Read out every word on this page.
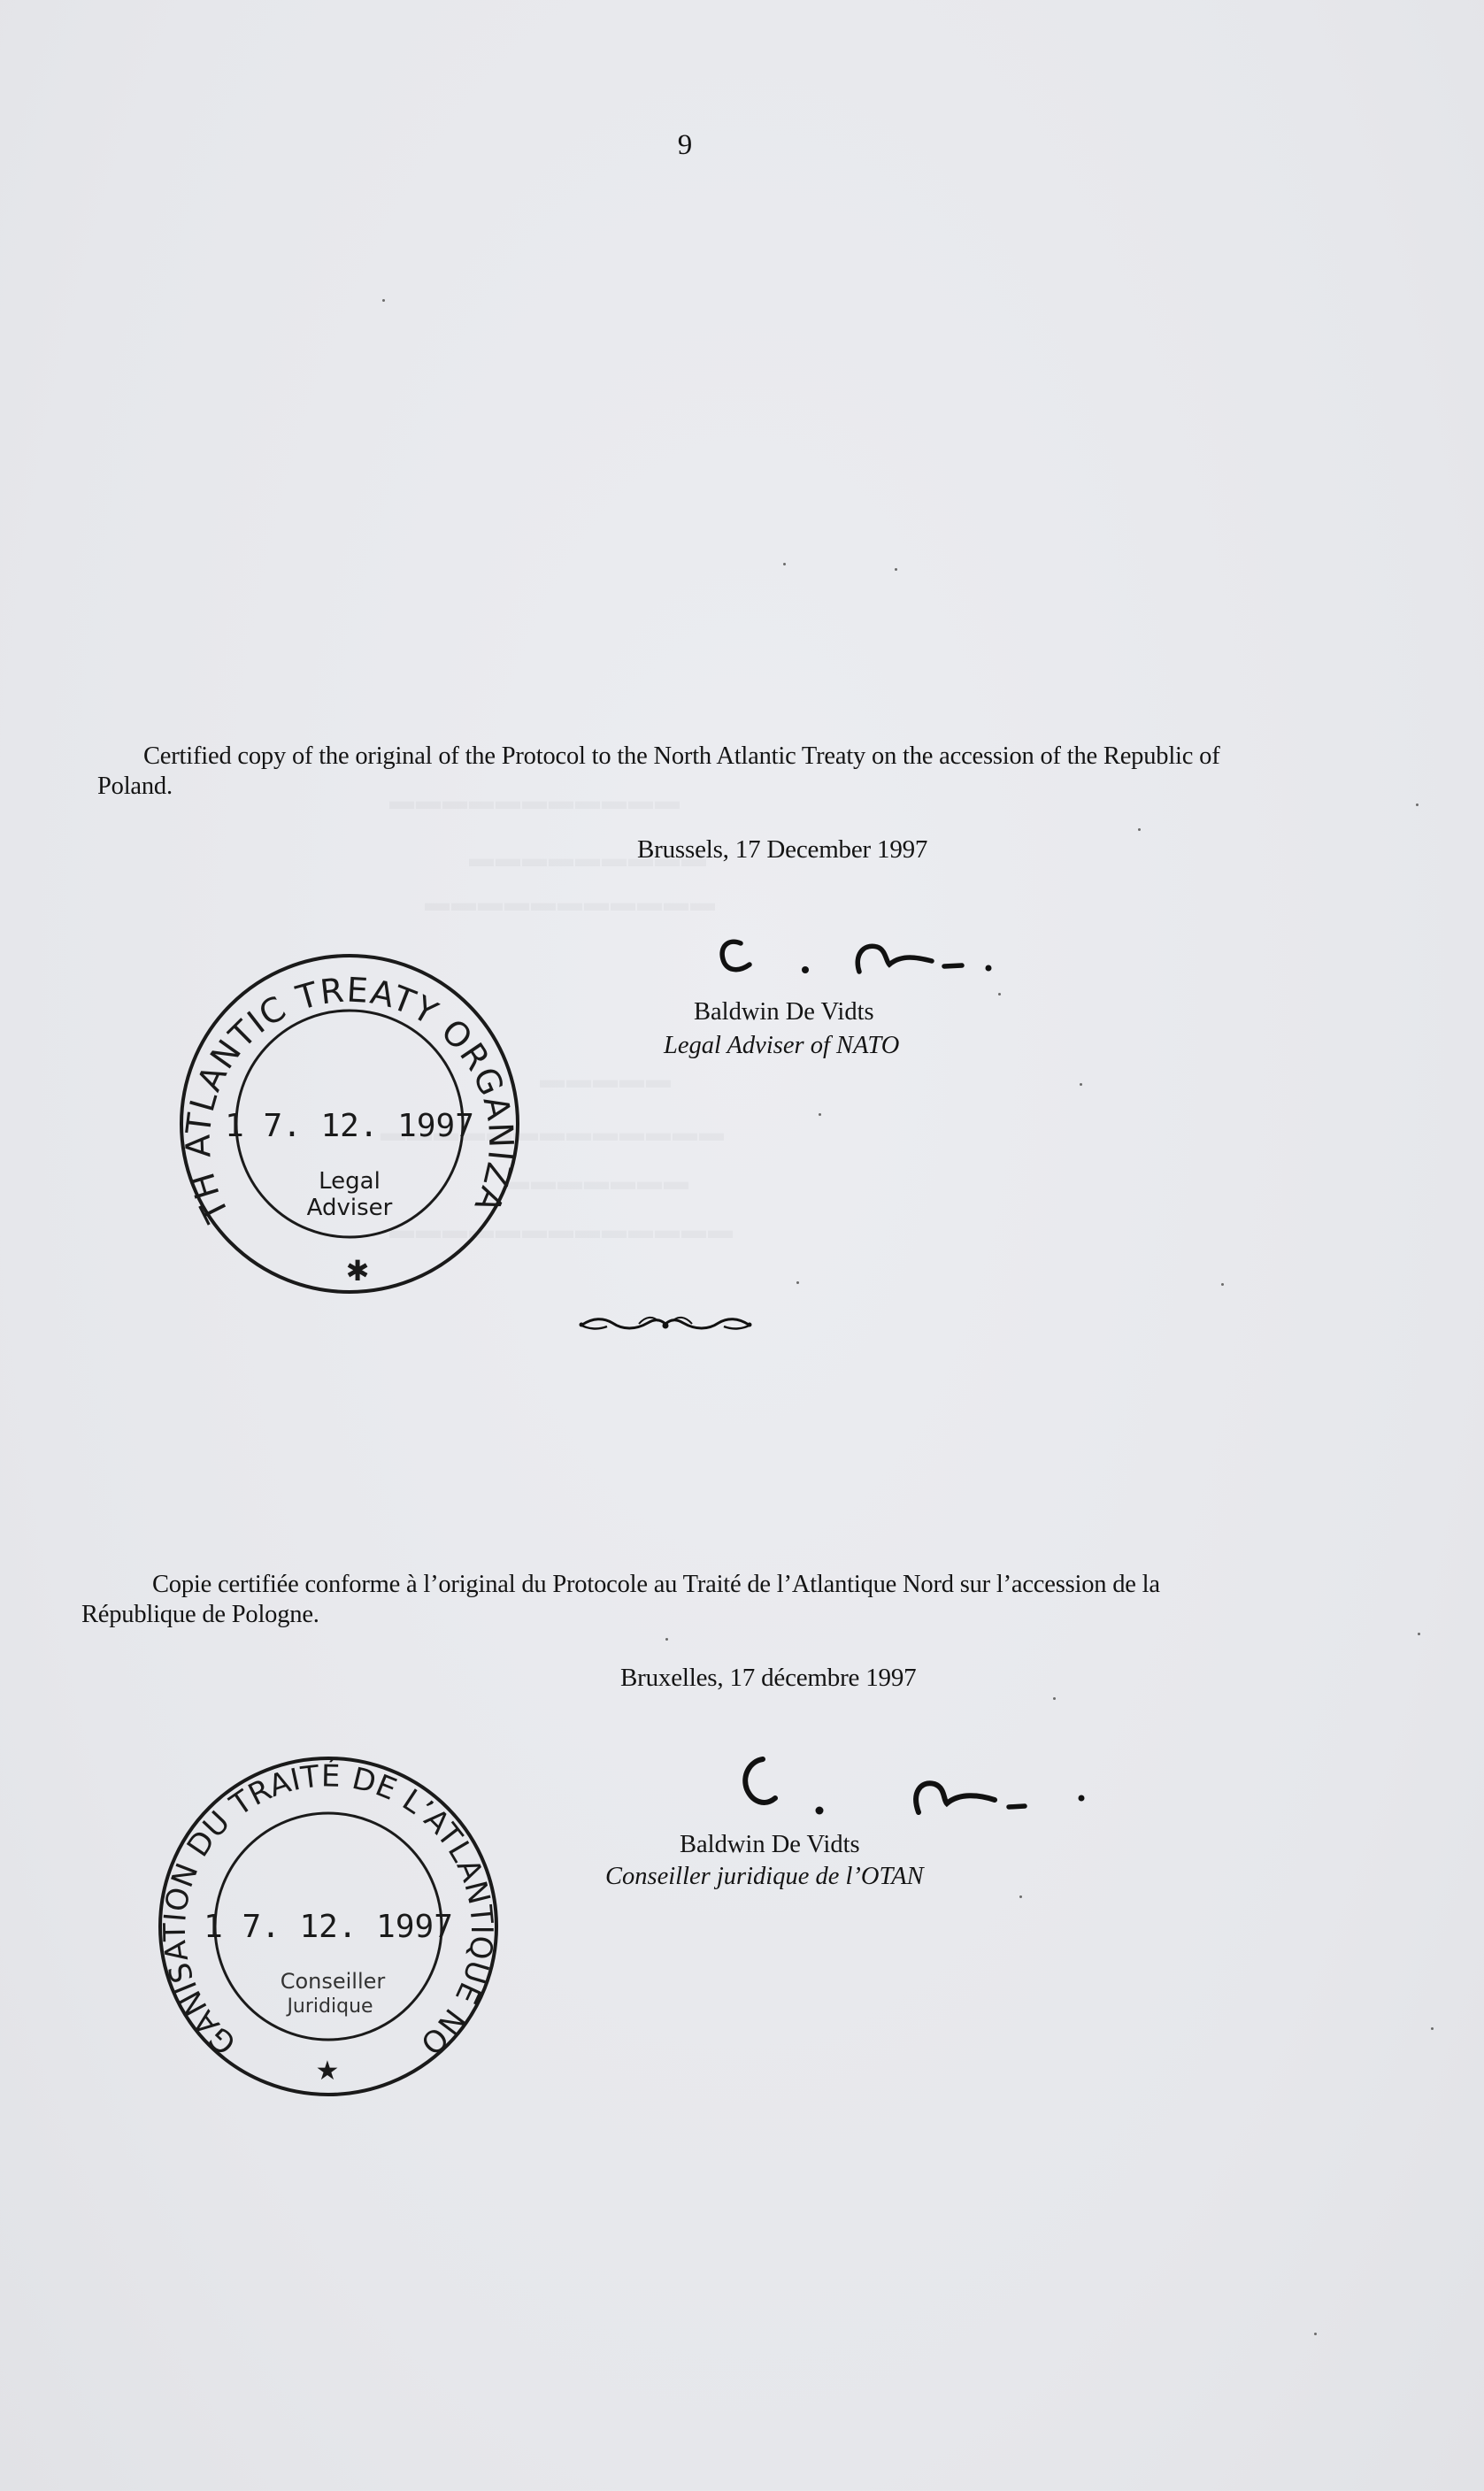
9
Certified copy of the original of the Protocol to the North Atlantic Treaty on the accession of the Republic of Poland.
Brussels, 17 December 1997
Baldwin De Vidts
Legal Adviser of NATO
NORTH ATLANTIC TREATY ORGANIZATION
1 7. 12. 1997
Legal
Adviser
✱
Copie certifiée conforme à l’original du Protocole au Traité de l’Atlantique Nord sur l’accession de la République de Pologne.
Bruxelles, 17 décembre 1997
Baldwin De Vidts
Conseiller juridique de l’OTAN
ORGANISATION DU TRAITÉ DE L’ATLANTIQUE NORD
1 7. 12. 1997
Conseiller
Juridique
★
